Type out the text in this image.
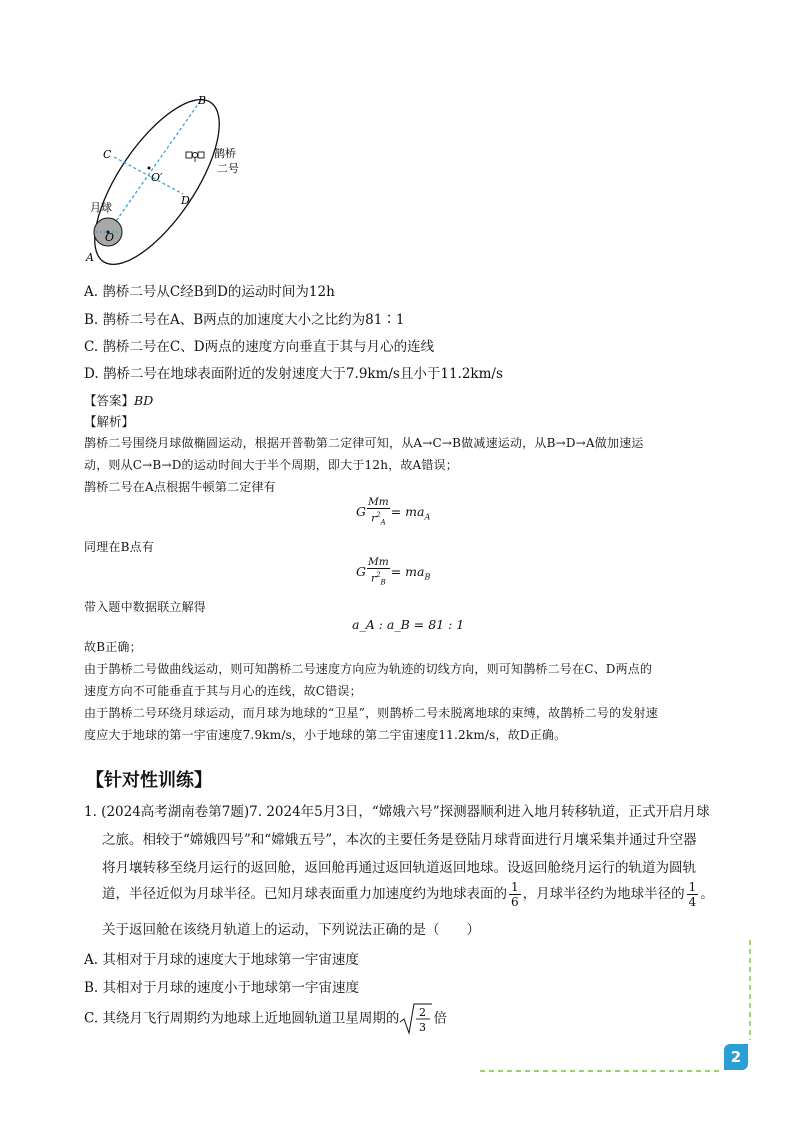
B
C
O′
D
月球
O
A
鹊桥
二号
A. 鹊桥二号从C经B到D的运动时间为12h
B. 鹊桥二号在A、B两点的加速度大小之比约为81∶1
C. 鹊桥二号在C、D两点的速度方向垂直于其与月心的连线
D. 鹊桥二号在地球表面附近的发射速度大于7.9km/s且小于11.2km/s
【答案】BD
【解析】
鹊桥二号围绕月球做椭圆运动，根据开普勒第二定律可知，从A→C→B做减速运动，从B→D→A做加速运
动，则从C→B→D的运动时间大于半个周期，即大于12h，故A错误；
鹊桥二号在A点根据牛顿第二定律有
G $\frac{Mm}{r^2_A} = ma_A$
同理在B点有
G $\frac{Mm}{r^2_B} = ma_B$
带入题中数据联立解得
a_A : a_B = 81 : 1
故B正确；
由于鹊桥二号做曲线运动，则可知鹊桥二号速度方向应为轨迹的切线方向，则可知鹊桥二号在C、D两点的
速度方向不可能垂直于其与月心的连线，故C错误；
由于鹊桥二号环绕月球运动，而月球为地球的“卫星”，则鹊桥二号未脱离地球的束缚，故鹊桥二号的发射速
度应大于地球的第一宇宙速度7.9km/s，小于地球的第二宇宙速度11.2km/s，故D正确。
【针对性训练】
1. (2024高考湖南卷第7题)7. 2024年5月3日，“嫦娥六号”探测器顺利进入地月转移轨道，正式开启月球
之旅。相较于“嫦娥四号”和“嫦娥五号”，本次的主要任务是登陆月球背面进行月壤采集并通过升空器
将月壤转移至绕月运行的返回舱，返回舱再通过返回轨道返回地球。设返回舱绕月运行的轨道为圆轨
道，半径近似为月球半径。已知月球表面重力加速度约为地球表面的 $\frac{1}{6}$ ，月球半径约为地球半径的 $\frac{1}{4}$ 。
关于返回舱在该绕月轨道上的运动，下列说法正确的是（　　）
A. 其相对于月球的速度大于地球第一宇宙速度
B. 其相对于月球的速度小于地球第一宇宙速度
C. 其绕月飞行周期约为地球上近地圆轨道卫星周期的 2
3
倍
2
